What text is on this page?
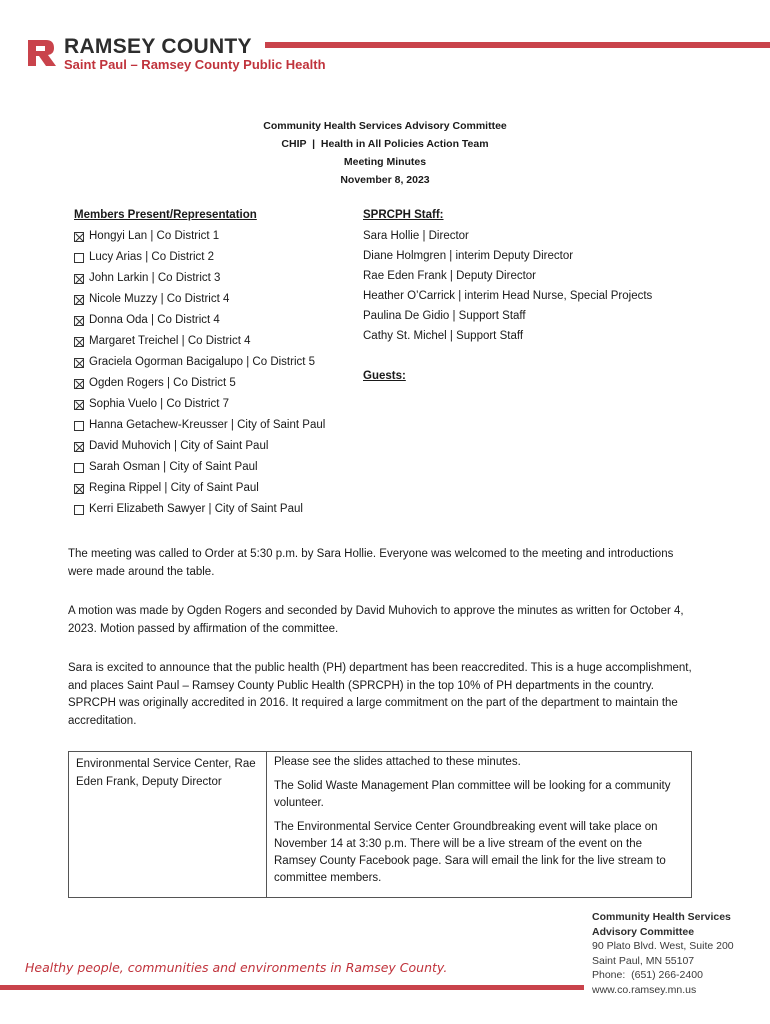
RAMSEY COUNTY
Saint Paul – Ramsey County Public Health
Community Health Services Advisory Committee
CHIP  |  Health in All Policies Action Team
Meeting Minutes
November 8, 2023
Members Present/Representation
Hongyi Lan | Co District 1
Lucy Arias | Co District 2
John Larkin | Co District 3
Nicole Muzzy | Co District 4
Donna Oda | Co District 4
Margaret Treichel | Co District 4
Graciela Ogorman Bacigalupo | Co District 5
Ogden Rogers | Co District 5
Sophia Vuelo | Co District 7
Hanna Getachew-Kreusser | City of Saint Paul
David Muhovich | City of Saint Paul
Sarah Osman | City of Saint Paul
Regina Rippel | City of Saint Paul
Kerri Elizabeth Sawyer | City of Saint Paul
SPRCPH Staff:
Sara Hollie | Director
Diane Holmgren | interim Deputy Director
Rae Eden Frank | Deputy Director
Heather O’Carrick | interim Head Nurse, Special Projects
Paulina De Gidio | Support Staff
Cathy St. Michel | Support Staff
Guests:
The meeting was called to Order at 5:30 p.m. by Sara Hollie. Everyone was welcomed to the meeting and introductions were made around the table.
A motion was made by Ogden Rogers and seconded by David Muhovich to approve the minutes as written for October 4, 2023. Motion passed by affirmation of the committee.
Sara is excited to announce that the public health (PH) department has been reaccredited. This is a huge accomplishment, and places Saint Paul – Ramsey County Public Health (SPRCPH) in the top 10% of PH departments in the country. SPRCPH was originally accredited in 2016. It required a large commitment on the part of the department to maintain the accreditation.
Environmental Service Center, Rae Eden Frank, Deputy Director

Please see the slides attached to these minutes.

The Solid Waste Management Plan committee will be looking for a community volunteer.

The Environmental Service Center Groundbreaking event will take place on November 14 at 3:30 p.m. There will be a live stream of the event on the Ramsey County Facebook page. Sara will email the link for the live stream to committee members.

Healthy people, communities and environments in Ramsey County.
Community Health Services
Advisory Committee
90 Plato Blvd. West, Suite 200
Saint Paul, MN 55107
Phone:  (651) 266-2400
www.co.ramsey.mn.us
